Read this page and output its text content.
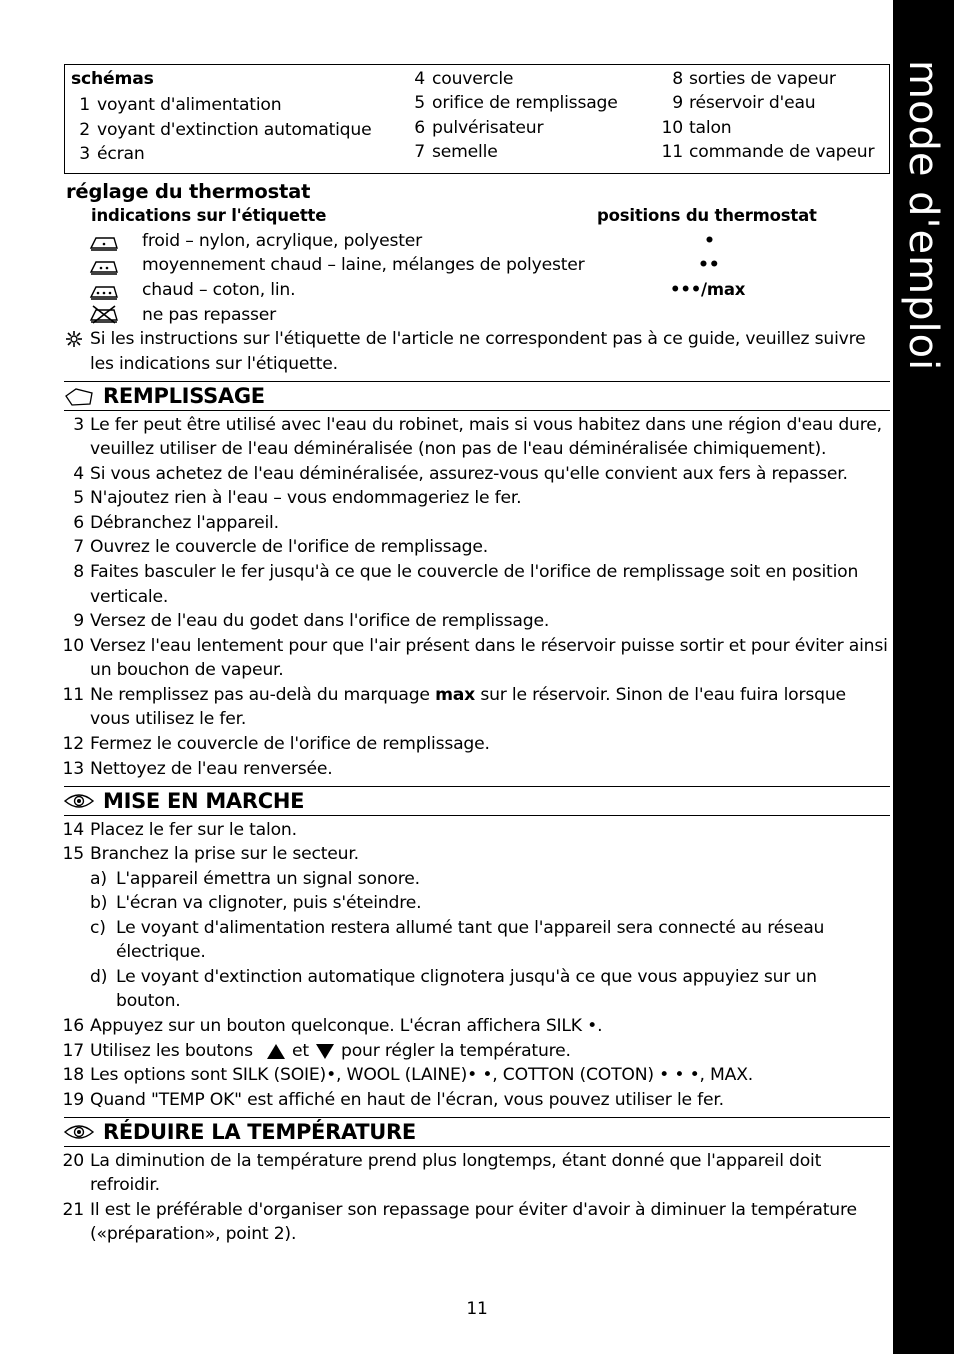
mode d'emploi
schémas
1 voyant d'alimentation
2 voyant d'extinction automatique
3 écran
4 couvercle
5 orifice de remplissage
6 pulvérisateur
7 semelle
8 sorties de vapeur
9 réservoir d'eau
10 talon
11 commande de vapeur
réglage du thermostat
indications sur l'étiquette	positions du thermostat
froid – nylon, acrylique, polyester	•
moyennement chaud – laine, mélanges de polyester	••
chaud – coton, lin.	•••/max
ne pas repasser
Si les instructions sur l'étiquette de l'article ne correspondent pas à ce guide, veuillez suivre
les indications sur l'étiquette.
REMPLISSAGE
3 Le fer peut être utilisé avec l'eau du robinet, mais si vous habitez dans une région d'eau dure,
veuillez utiliser de l'eau déminéralisée (non pas de l'eau déminéralisée chimiquement).
4 Si vous achetez de l'eau déminéralisée, assurez-vous qu'elle convient aux fers à repasser.
5 N'ajoutez rien à l'eau – vous endommageriez le fer.
6 Débranchez l'appareil.
7 Ouvrez le couvercle de l'orifice de remplissage.
8 Faites basculer le fer jusqu'à ce que le couvercle de l'orifice de remplissage soit en position
verticale.
9 Versez de l'eau du godet dans l'orifice de remplissage.
10 Versez l'eau lentement pour que l'air présent dans le réservoir puisse sortir et pour éviter ainsi
un bouchon de vapeur.
11 Ne remplissez pas au-delà du marquage max sur le réservoir. Sinon de l'eau fuira lorsque
vous utilisez le fer.
12 Fermez le couvercle de l'orifice de remplissage.
13 Nettoyez de l'eau renversée.
MISE EN MARCHE
14 Placez le fer sur le talon.
15 Branchez la prise sur le secteur.
a) L'appareil émettra un signal sonore.
b) L'écran va clignoter, puis s'éteindre.
c) Le voyant d'alimentation restera allumé tant que l'appareil sera connecté au réseau
électrique.
d) Le voyant d'extinction automatique clignotera jusqu'à ce que vous appuyiez sur un
bouton.
16 Appuyez sur un bouton quelconque. L'écran affichera SILK •.
17 Utilisez les boutons et pour régler la température.
18 Les options sont SILK (SOIE)•, WOOL (LAINE)• •, COTTON (COTON) • • •, MAX.
19 Quand "TEMP OK" est affiché en haut de l'écran, vous pouvez utiliser le fer.
RÉDUIRE LA TEMPÉRATURE
20 La diminution de la température prend plus longtemps, étant donné que l'appareil doit
refroidir.
21 Il est le préférable d'organiser son repassage pour éviter d'avoir à diminuer la température
(«préparation», point 2).
11
